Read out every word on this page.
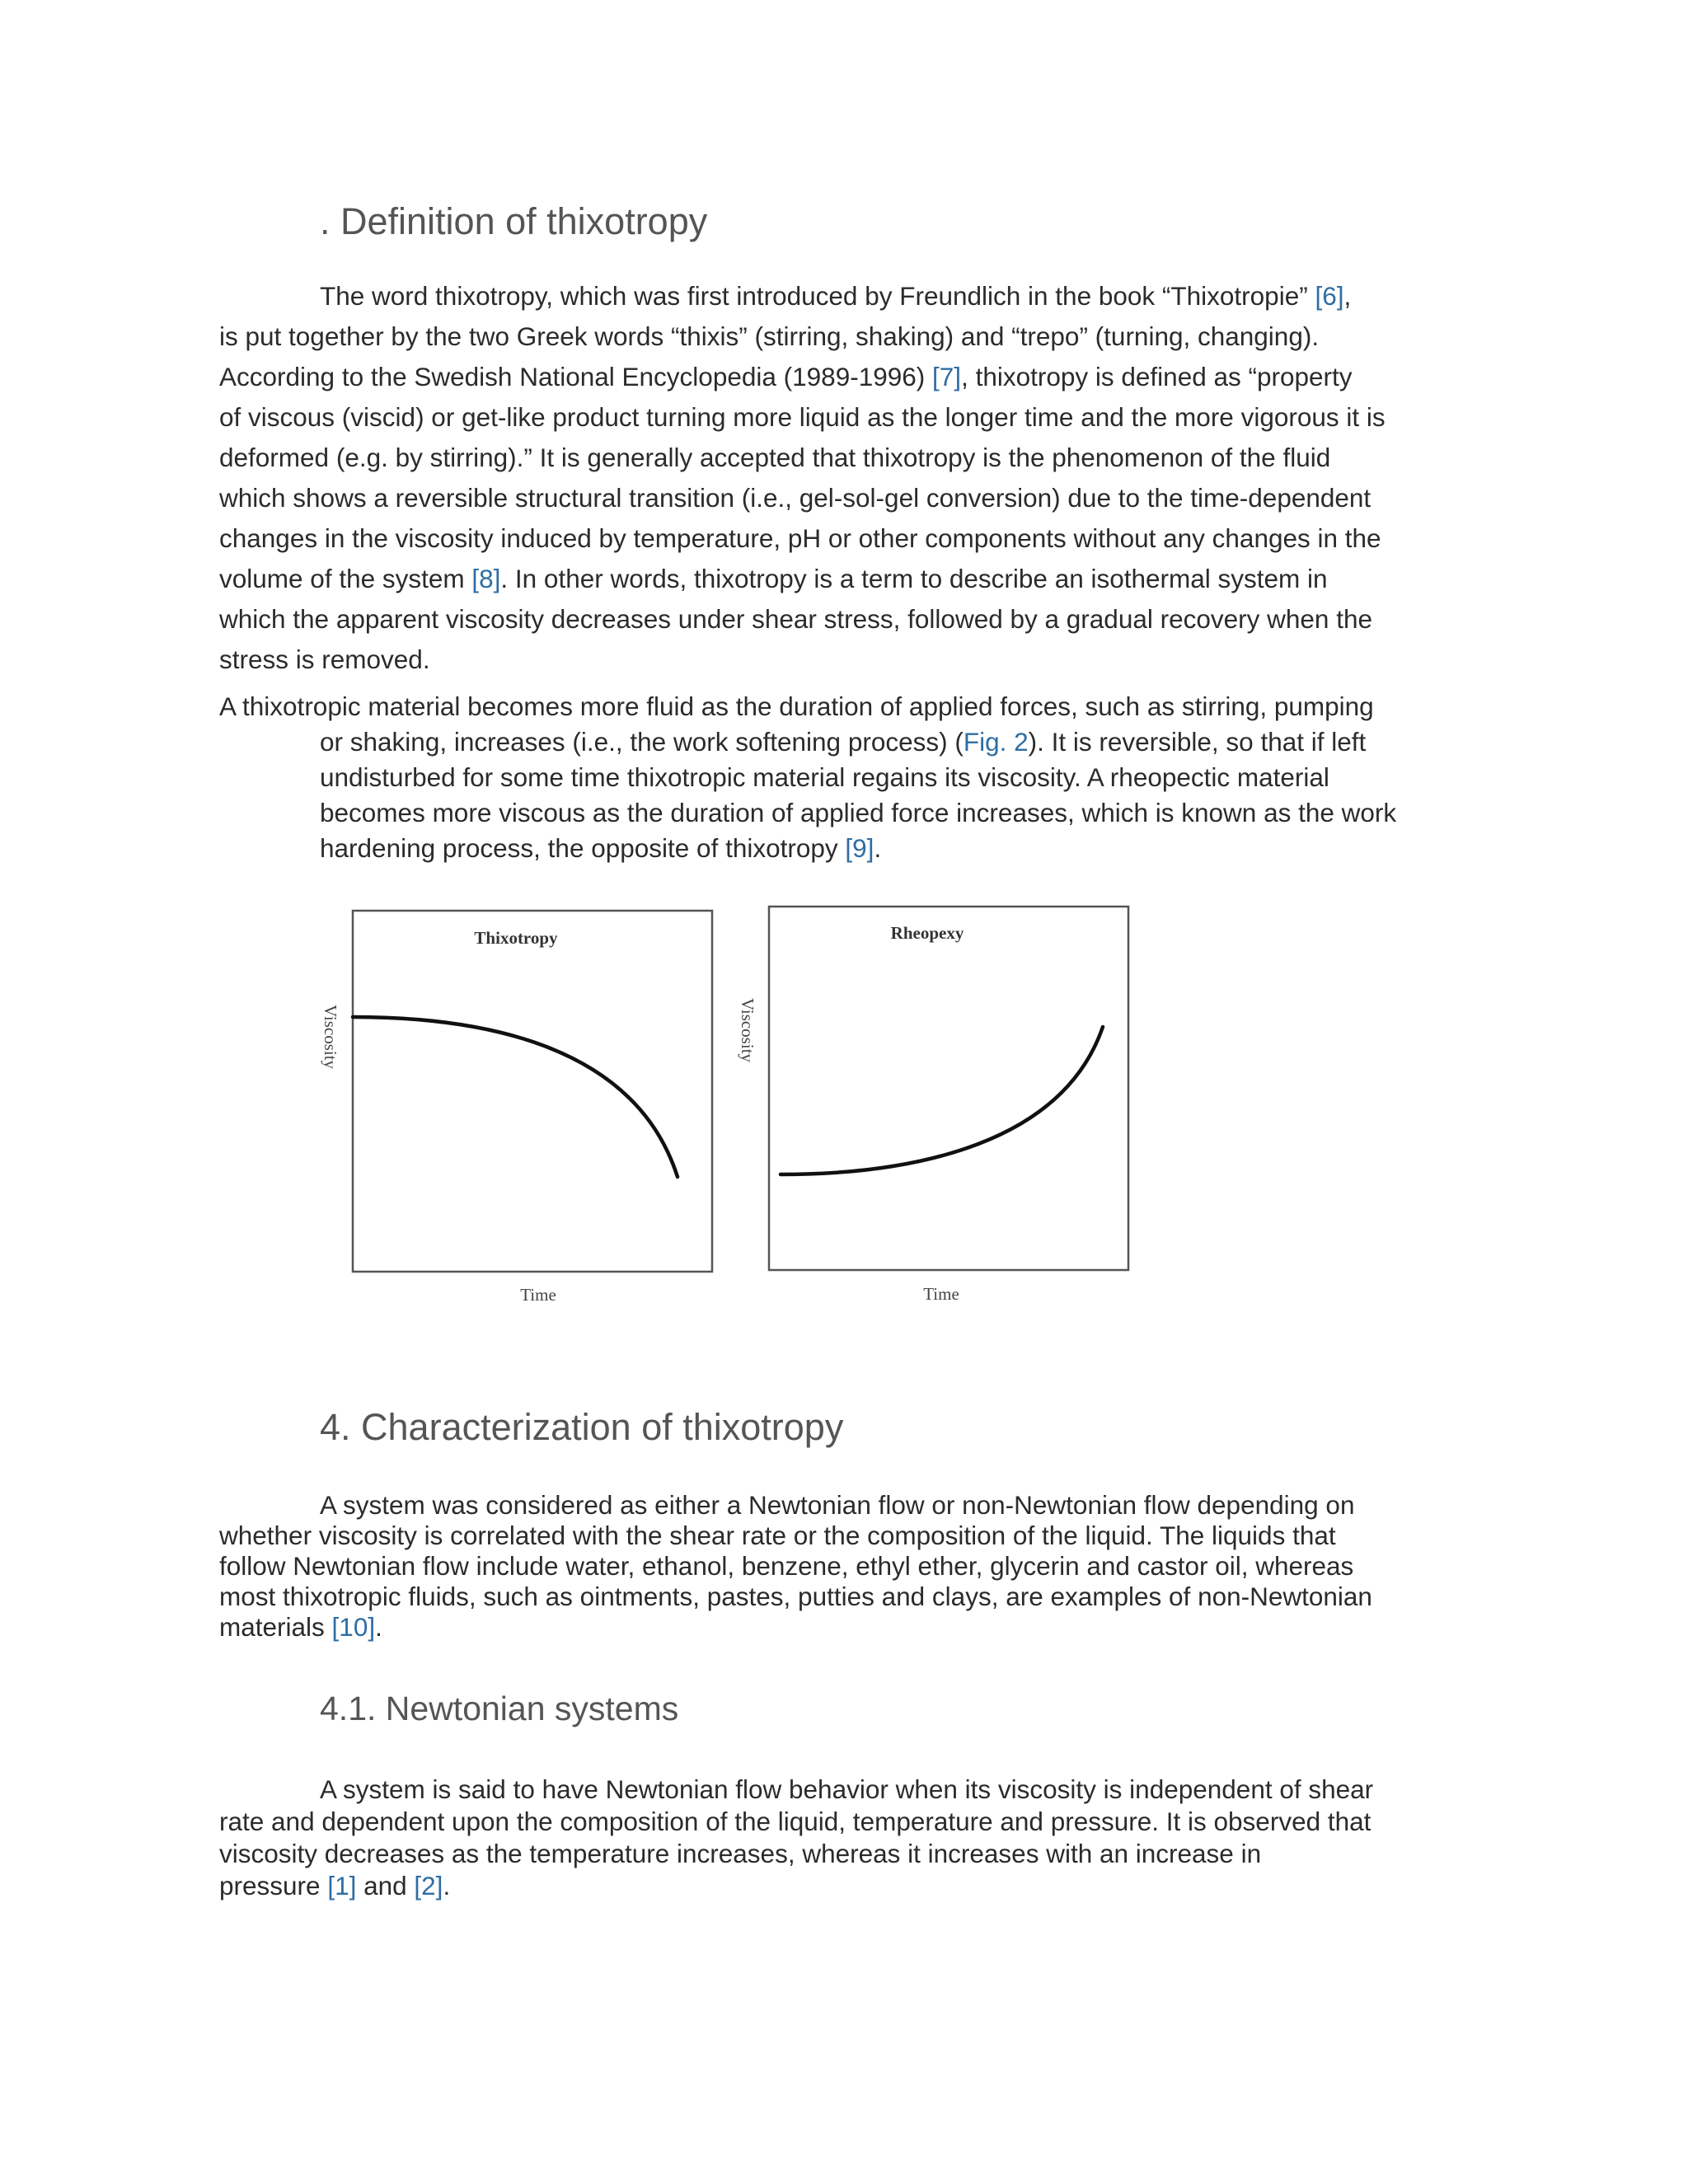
. Definition of thixotropy
The word thixotropy, which was first introduced by Freundlich in the book “Thixotropie” [6],
is put together by the two Greek words “thixis” (stirring, shaking) and “trepo” (turning, changing).
According to the Swedish National Encyclopedia (1989‑1996) [7], thixotropy is defined as “property
of viscous (viscid) or get-like product turning more liquid as the longer time and the more vigorous it is
deformed (e.g. by stirring).” It is generally accepted that thixotropy is the phenomenon of the fluid
which shows a reversible structural transition (i.e., gel‑sol‑gel conversion) due to the time-dependent
changes in the viscosity induced by temperature, pH or other components without any changes in the
volume of the system [8]. In other words, thixotropy is a term to describe an isothermal system in
which the apparent viscosity decreases under shear stress, followed by a gradual recovery when the
stress is removed.
A thixotropic material becomes more fluid as the duration of applied forces, such as stirring, pumping
or shaking, increases (i.e., the work softening process) (Fig. 2). It is reversible, so that if left
undisturbed for some time thixotropic material regains its viscosity. A rheopectic material
becomes more viscous as the duration of applied force increases, which is known as the work
hardening process, the opposite of thixotropy [9].
Thixotropy
Viscosity
Time
Rheopexy
Viscosity
Time
4. Characterization of thixotropy
A system was considered as either a Newtonian flow or non-Newtonian flow depending on
whether viscosity is correlated with the shear rate or the composition of the liquid. The liquids that
follow Newtonian flow include water, ethanol, benzene, ethyl ether, glycerin and castor oil, whereas
most thixotropic fluids, such as ointments, pastes, putties and clays, are examples of non-Newtonian
materials [10].
4.1. Newtonian systems
A system is said to have Newtonian flow behavior when its viscosity is independent of shear
rate and dependent upon the composition of the liquid, temperature and pressure. It is observed that
viscosity decreases as the temperature increases, whereas it increases with an increase in
pressure [1] and [2].
